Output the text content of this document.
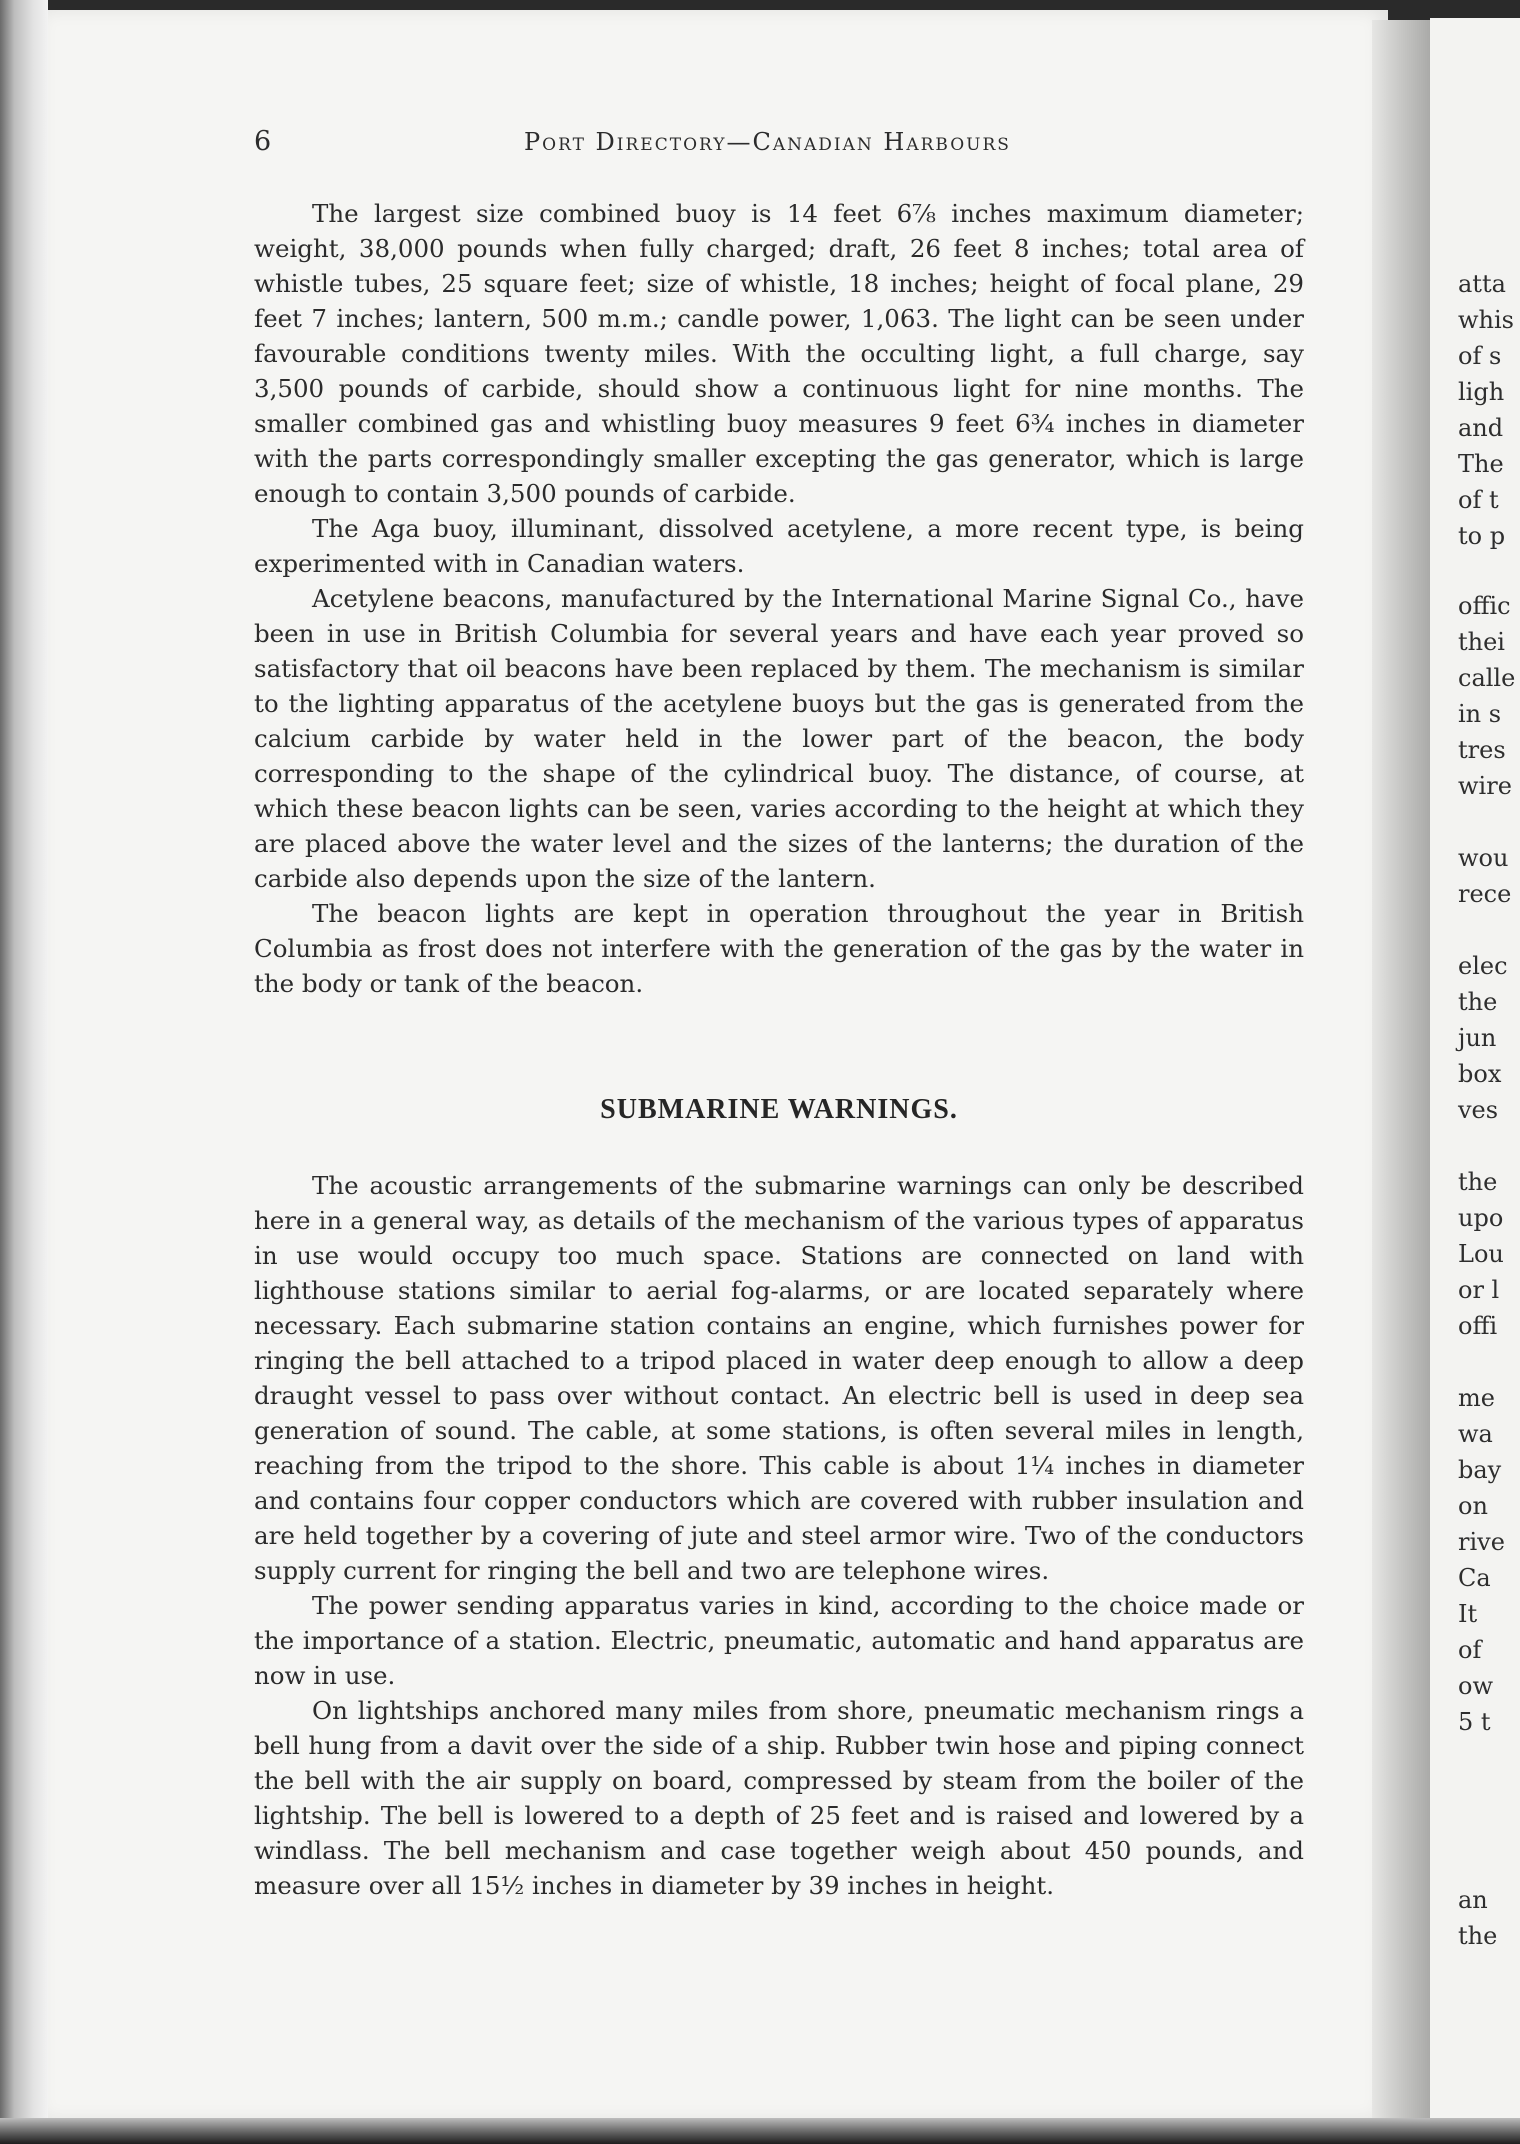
6	Port Directory—Canadian Harbours

The largest size combined buoy is 14 feet 6⅞ inches maximum diameter; weight, 38,000 pounds when fully charged; draft, 26 feet 8 inches; total area of whistle tubes, 25 square feet; size of whistle, 18 inches; height of focal plane, 29 feet 7 inches; lantern, 500 m.m.; candle power, 1,063. The light can be seen under favourable conditions twenty miles. With the occulting light, a full charge, say 3,500 pounds of carbide, should show a continuous light for nine months. The smaller combined gas and whistling buoy measures 9 feet 6¾ inches in diameter with the parts correspondingly smaller excepting the gas generator, which is large enough to contain 3,500 pounds of carbide.

The Aga buoy, illuminant, dissolved acetylene, a more recent type, is being experimented with in Canadian waters.

Acetylene beacons, manufactured by the International Marine Signal Co., have been in use in British Columbia for several years and have each year proved so satisfactory that oil beacons have been replaced by them. The mechanism is similar to the lighting apparatus of the acetylene buoys but the gas is generated from the calcium carbide by water held in the lower part of the beacon, the body corresponding to the shape of the cylindrical buoy. The distance, of course, at which these beacon lights can be seen, varies according to the height at which they are placed above the water level and the sizes of the lanterns; the duration of the carbide also depends upon the size of the lantern.

The beacon lights are kept in operation throughout the year in British Columbia as frost does not interfere with the generation of the gas by the water in the body or tank of the beacon.

SUBMARINE WARNINGS.

The acoustic arrangements of the submarine warnings can only be described here in a general way, as details of the mechanism of the various types of apparatus in use would occupy too much space. Stations are connected on land with lighthouse stations similar to aerial fog-alarms, or are located separately where necessary. Each submarine station contains an engine, which furnishes power for ringing the bell attached to a tripod placed in water deep enough to allow a deep draught vessel to pass over without contact. An electric bell is used in deep sea generation of sound. The cable, at some stations, is often several miles in length, reaching from the tripod to the shore. This cable is about 1¼ inches in diameter and contains four copper conductors which are covered with rubber insulation and are held together by a covering of jute and steel armor wire. Two of the conductors supply current for ringing the bell and two are telephone wires.

The power sending apparatus varies in kind, according to the choice made or the importance of a station. Electric, pneumatic, automatic and hand apparatus are now in use.

On lightships anchored many miles from shore, pneumatic mechanism rings a bell hung from a davit over the side of a ship. Rubber twin hose and piping connect the bell with the air supply on board, compressed by steam from the boiler of the lightship. The bell is lowered to a depth of 25 feet and is raised and lowered by a windlass. The bell mechanism and case together weigh about 450 pounds, and measure over all 15½ inches in diameter by 39 inches in height.

atta
whis
of s
ligh
and
The
of t
to p
offic
thei
calle
in s
tres
wire
wou
rece
elec
the
jun
box
ves
the
upo
Lou
or l
offi
me
wa
bay
on
rive
Ca
It
of
ow
5 t
an
the
